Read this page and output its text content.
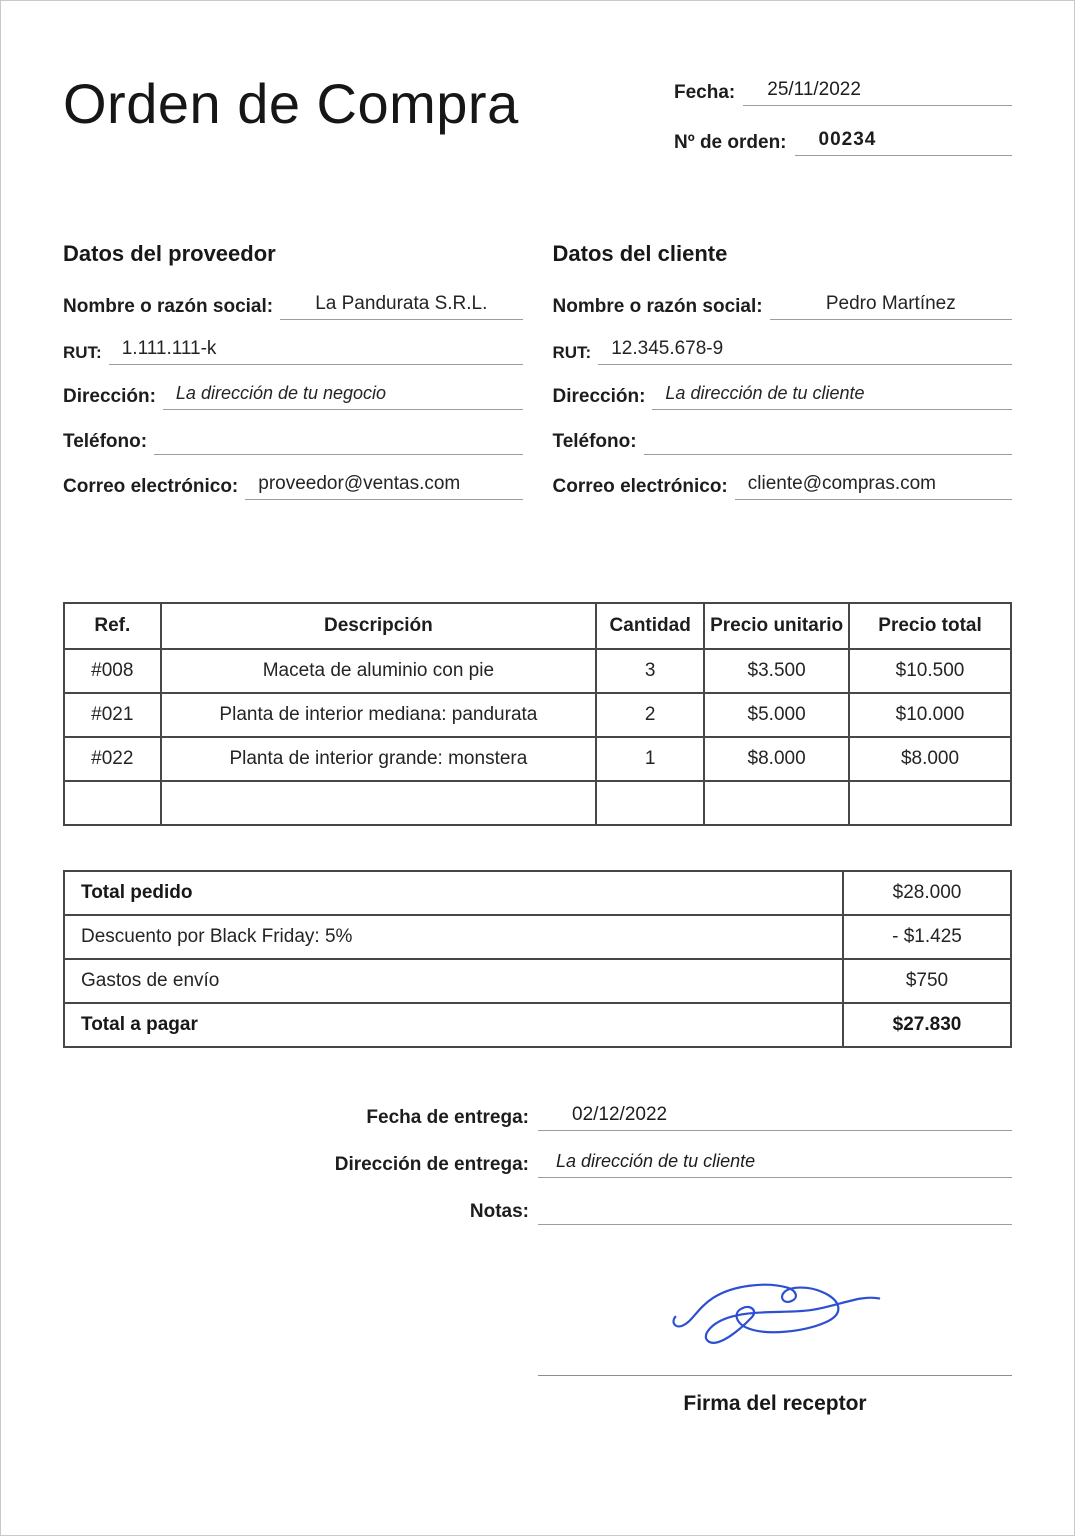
Orden de Compra	Fecha:	25/11/2022
Nº de orden:	00234
Datos del proveedor
Nombre o razón social:	La Pandurata S.R.L.
RUT:	1.111.111-k
Dirección:	La dirección de tu negocio
Teléfono:
Correo electrónico:	proveedor@ventas.com
Datos del cliente
Nombre o razón social:	Pedro Martínez
RUT:	12.345.678-9
Dirección:	La dirección de tu cliente
Teléfono:
Correo electrónico:	cliente@compras.com
Ref.	Descripción	Cantidad	Precio unitario	Precio total
#008	Maceta de aluminio con pie	3	$3.500	$10.500
#021	Planta de interior mediana: pandurata	2	$5.000	$10.000
#022	Planta de interior grande: monstera	1	$8.000	$8.000

Total pedido	$28.000
Descuento por Black Friday: 5%	- $1.425
Gastos de envío	$750
Total a pagar	$27.830
Fecha de entrega:	02/12/2022
Dirección de entrega:	La dirección de tu cliente
Notas:
Firma del receptor
